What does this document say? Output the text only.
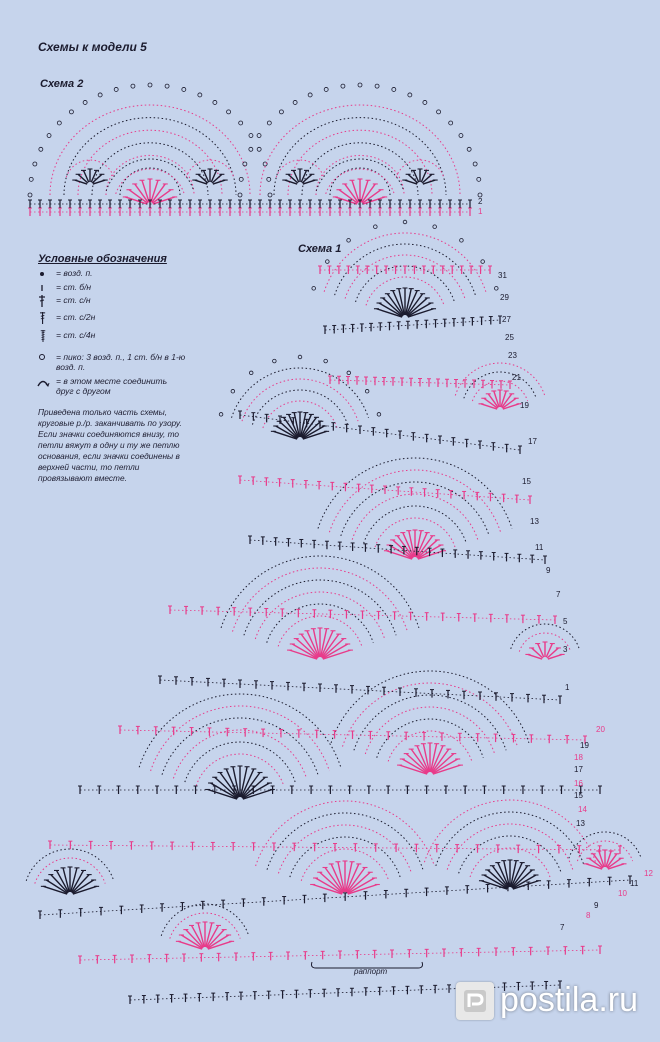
Схемы к модели 5
Схема 2
Схема 1
Условные обозначения
= возд. п.
= ст. б/н
= ст. с/н
= ст. с/2н
= ст. с/4н
= пико: 3 возд. п., 1 ст. б/н в 1-ю возд. п.
= в этом месте соединить друг с другом
Приведена только часть схемы, круговые р./р. заканчивать по узору. Если значки соединяются внизу, то петли вяжут в одну и ту же петлю основания, если значки соединены в верхней части, то петли провязывают вместе.
2
1
31
29
27
25
23
21
19
17
15
13
11
9
7
5
3
1
20
19
18
17
16
15
14
13
12
11
10
9
8
7
раппорт
postila.ru
